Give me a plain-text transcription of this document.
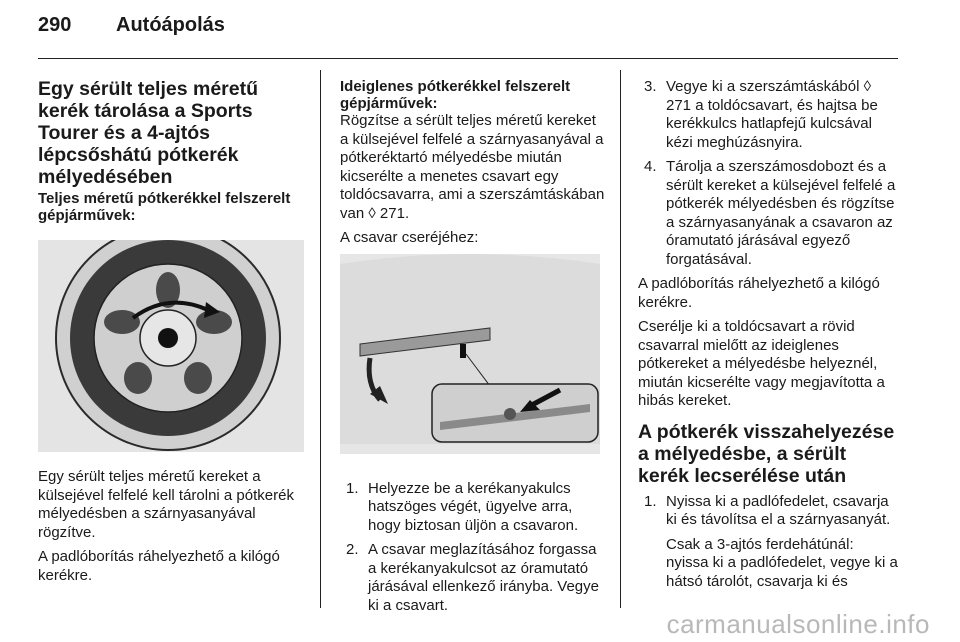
290 Autóápolás
Egy sérült teljes méretű kerék tárolása a Sports Tourer és a 4-ajtós lépcsőshátú pótkerék mélyedésében
Teljes méretű pótkerékkel felszerelt gépjárművek:

Egy sérült teljes méretű kereket a külsejével felfelé kell tárolni a pótkerék mélyedésben a szárnyasanyával rögzítve.

A padlóborítás ráhelyezhető a kilógó kerékre.

Ideiglenes pótkerékkel felszerelt gépjárművek:

Rögzítse a sérült teljes méretű kereket a külsejével felfelé a szárnyasanyával a pótkeréktartó mélyedésbe miután kicserélte a menetes csavart egy toldócsavarra, ami a szerszámtáskában van ◊ 271.

A csavar cseréjéhez:

1. Helyezze be a kerékanyakulcs hatszöges végét, ügyelve arra, hogy biztosan üljön a csavaron.
2. A csavar meglazításához forgassa a kerékanyakulcsot az óramutató járásával ellenkező irányba. Vegye ki a csavart.
3. Vegye ki a szerszámtáskából ◊ 271 a toldócsavart, és hajtsa be kerékkulcs hatlapfejű kulcsával kézi meghúzásnyira.
4. Tárolja a szerszámosdobozt és a sérült kereket a külsejével felfelé a pótkerék mélyedésben és rögzítse a szárnyasanyának a csavaron az óramutató járásával egyező forgatásával.

A padlóborítás ráhelyezhető a kilógó kerékre.

Cserélje ki a toldócsavart a rövid csavarral mielőtt az ideiglenes pótkereket a mélyedésbe helyeznél, miután kicserélte vagy megjavította a hibás kereket.

A pótkerék visszahelyezése a mélyedésbe, a sérült kerék lecserélése után
1. Nyissa ki a padlófedelet, csavarja ki és távolítsa el a szárnyasanyát.

Csak a 3-ajtós ferdehátúnál: nyissa ki a padlófedelet, vegye ki a hátsó tárolót, csavarja ki és

carmanualsonline.info
